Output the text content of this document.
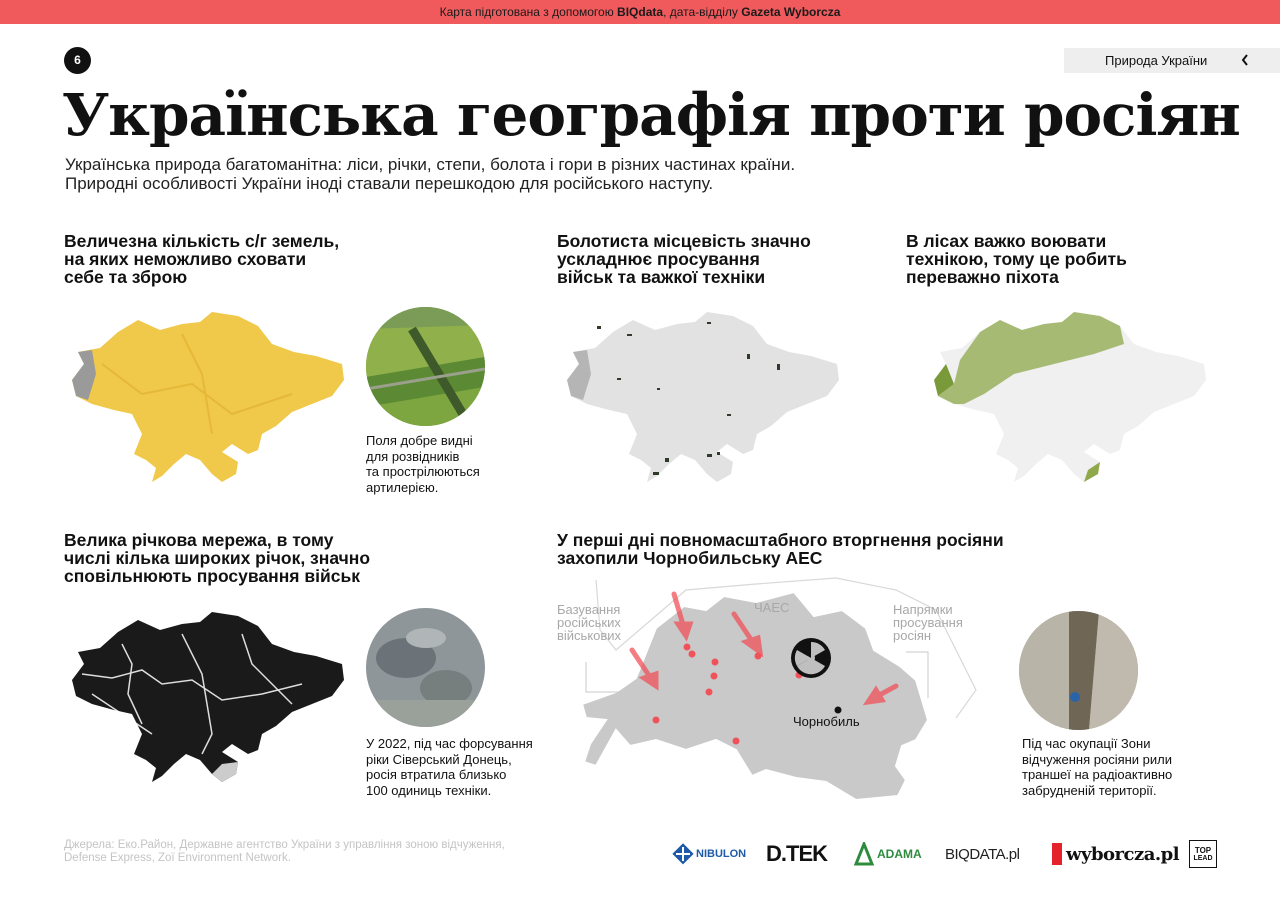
Карта підготована з допомогою BIQdata, дата-відділу Gazeta Wyborcza
6	Природа України
Українська географія проти росіян
Українська природа багатоманітна: ліси, річки, степи, болота і гори в різних частинах країни.
Природні особливості України іноді ставали перешкодою для російського наступу.
Величезна кількість с/г земель,
на яких неможливо сховати
себе та зброю
Поля добре видні
для розвідників
та прострілюються
артилерією.
Болотиста місцевість значно
ускладнює просування
військ та важкої техніки
В лісах важко воювати
технікою, тому це робить
переважно піхота
Велика річкова мережа, в тому
числі кілька широких річок, значно
сповільнюють просування військ
У 2022, під час форсування
ріки Сіверський Донець,
росія втратила близько
100 одиниць техніки.
У перші дні повномасштабного вторгнення росіяни
захопили Чорнобильську АЕС
Базування
російських
військових
ЧАЕС	Напрямки
просування
росіян
Чорнобиль
Під час окупації Зони
відчуження росіяни рили
траншеї на радіоактивно
забрудненій території.
Джерела: Еко.Район, Державне агентство України з управління зоною відчуження,
Defense Express, Zoï Environment Network.	NIBULON D.TEK	ADAMA BIQDATA.pl	wyborcza.pl TOP
LEAD
